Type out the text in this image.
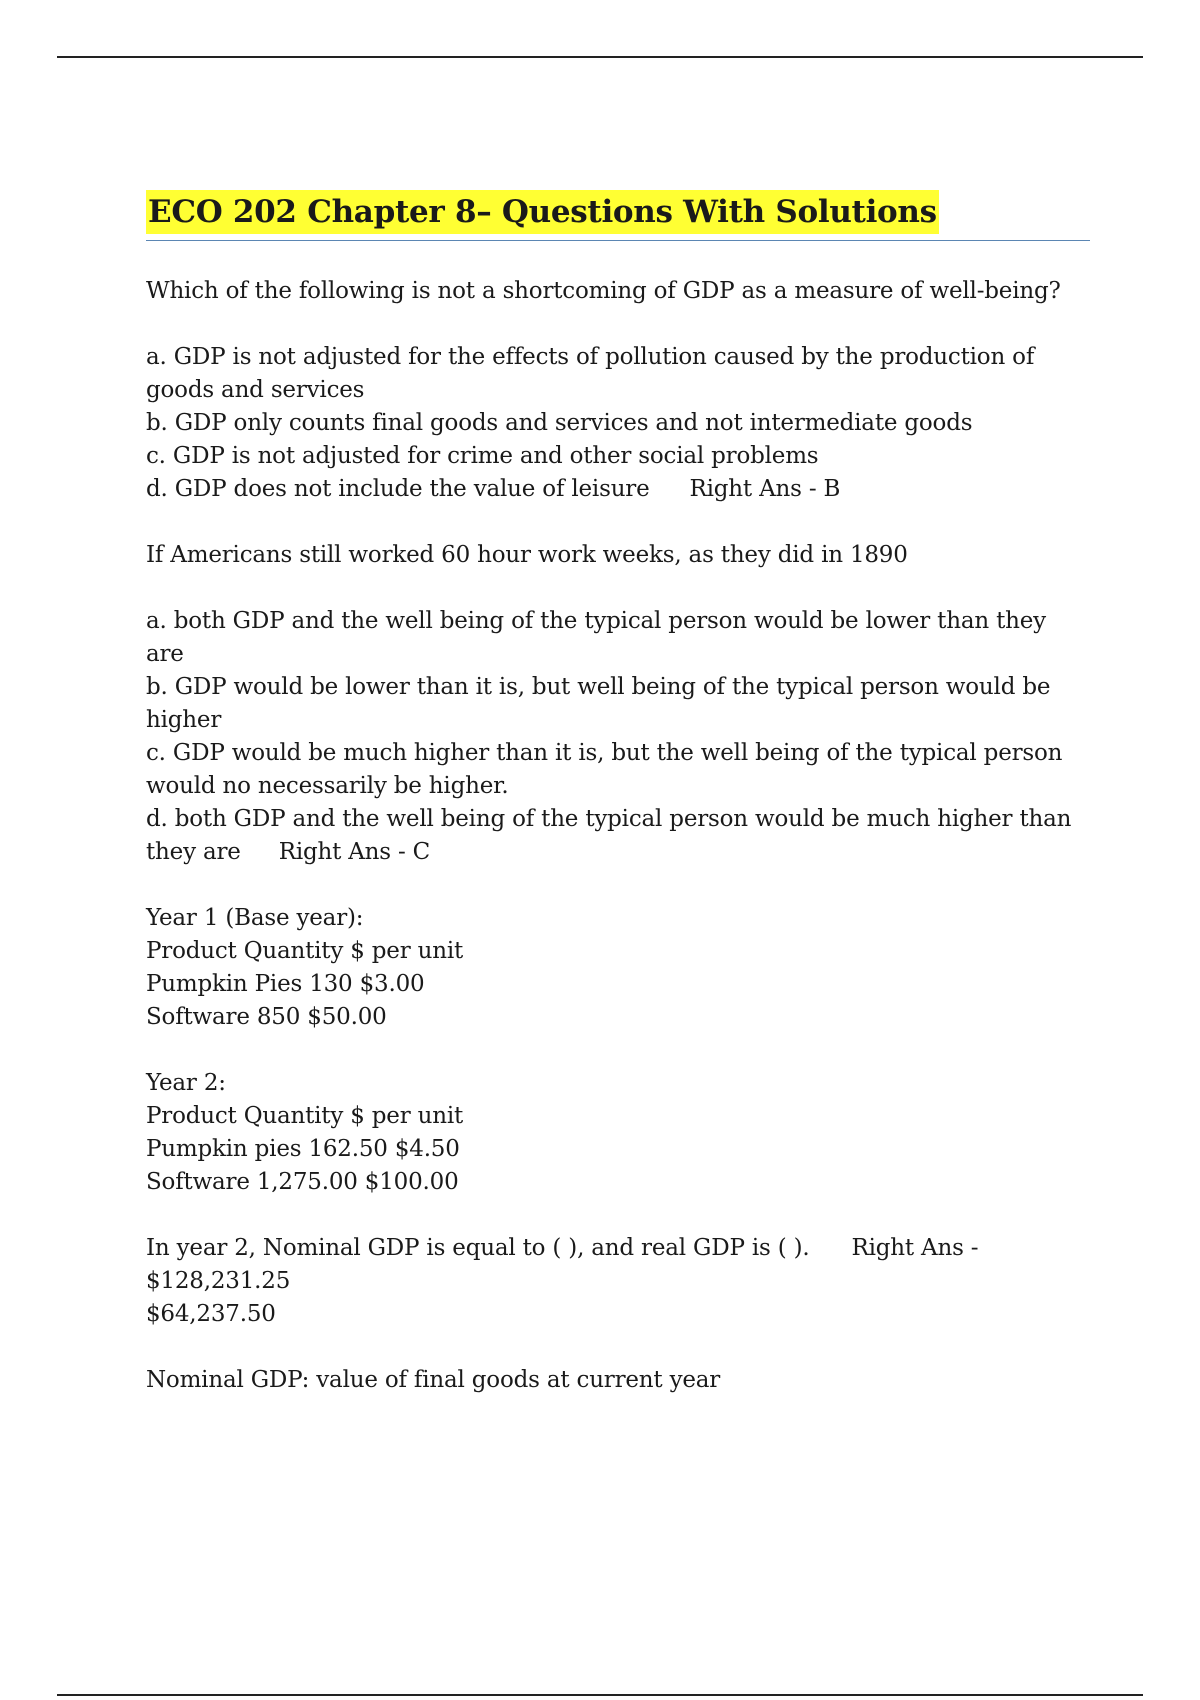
ECO 202 Chapter 8– Questions With Solutions
Which of the following is not a shortcoming of GDP as a measure of well-being?
a. GDP is not adjusted for the effects of pollution caused by the production of goods and services
b. GDP only counts final goods and services and not intermediate goods
c. GDP is not adjusted for crime and other social problems
d. GDP does not include the value of leisure Right Ans - B
If Americans still worked 60 hour work weeks, as they did in 1890
a. both GDP and the well being of the typical person would be lower than they are
b. GDP would be lower than it is, but well being of the typical person would be higher
c. GDP would be much higher than it is, but the well being of the typical person would no necessarily be higher.
d. both GDP and the well being of the typical person would be much higher than they are Right Ans - C
Year 1 (Base year):
Product Quantity $ per unit
Pumpkin Pies 130 $3.00
Software 850 $50.00
Year 2:
Product Quantity $ per unit
Pumpkin pies 162.50 $4.50
Software 1,275.00 $100.00
In year 2, Nominal GDP is equal to ( ), and real GDP is ( ). Right Ans -
$128,231.25
$64,237.50
Nominal GDP: value of final goods at current year
